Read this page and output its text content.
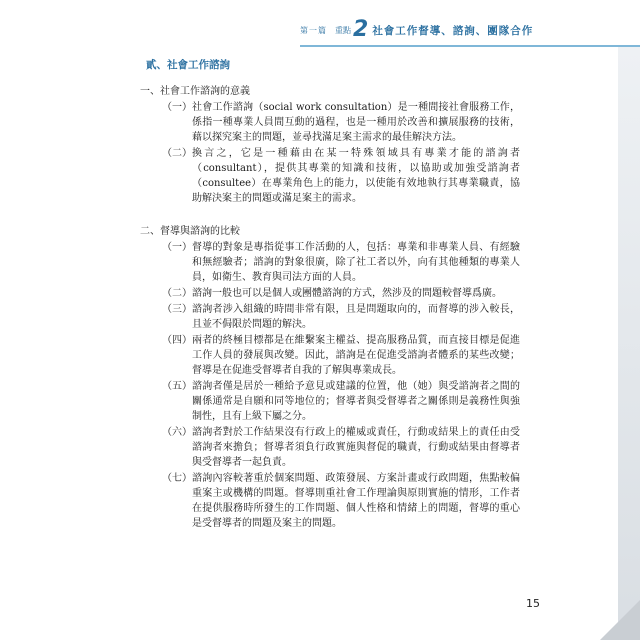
第一篇 重點 2 社會工作督導、諮詢、團隊合作
貳、社會工作諮詢
一、社會工作諮詢的意義
（一） 社會工作諮詢（social work consultation）是一種間接社會服務工作，係指一種專業人員間互動的過程，也是一種用於改善和擴展服務的技術，藉以探究案主的問題，並尋找滿足案主需求的最佳解決方法。
（二） 換言之，它是一種藉由在某一特殊領域具有專業才能的諮詢者（consultant），提供其專業的知識和技術，以協助或加強受諮詢者（consultee）在專業角色上的能力，以使能有效地執行其專業職責，協助解決案主的問題或滿足案主的需求。
二、督導與諮詢的比較
（一） 督導的對象是專指從事工作活動的人，包括：專業和非專業人員、有經驗和無經驗者；諮詢的對象很廣，除了社工者以外，向有其他種類的專業人員，如衛生、教育與司法方面的人員。
（二） 諮詢一般也可以是個人或團體諮詢的方式，然涉及的問題較督導爲廣。
（三） 諮詢者涉入組織的時間非常有限，且是問題取向的，而督導的涉入較長，且並不侷限於問題的解決。
（四） 兩者的終極目標都是在維繫案主權益、提高服務品質，而直接目標是促進工作人員的發展與改變。因此，諮詢是在促進受諮詢者體系的某些改變；督導是在促進受督導者自我的了解與專業成長。
（五） 諮詢者僅是居於一種給予意見或建議的位置，他（她）與受諮詢者之間的關係通常是自願和同等地位的；督導者與受督導者之關係則是義務性與強制性，且有上級下屬之分。
（六） 諮詢者對於工作結果沒有行政上的權威或責任，行動或結果上的責任由受諮詢者來擔負；督導者須負行政實施與督促的職責，行動或結果由督導者與受督導者一起負責。
（七） 諮詢內容較著重於個案問題、政策發展、方案計畫或行政問題，焦點較偏重案主或機構的問題。督導則重社會工作理論與原則實施的情形，工作者在提供服務時所發生的工作問題、個人性格和情緒上的問題，督導的重心是受督導者的問題及案主的問題。
15
